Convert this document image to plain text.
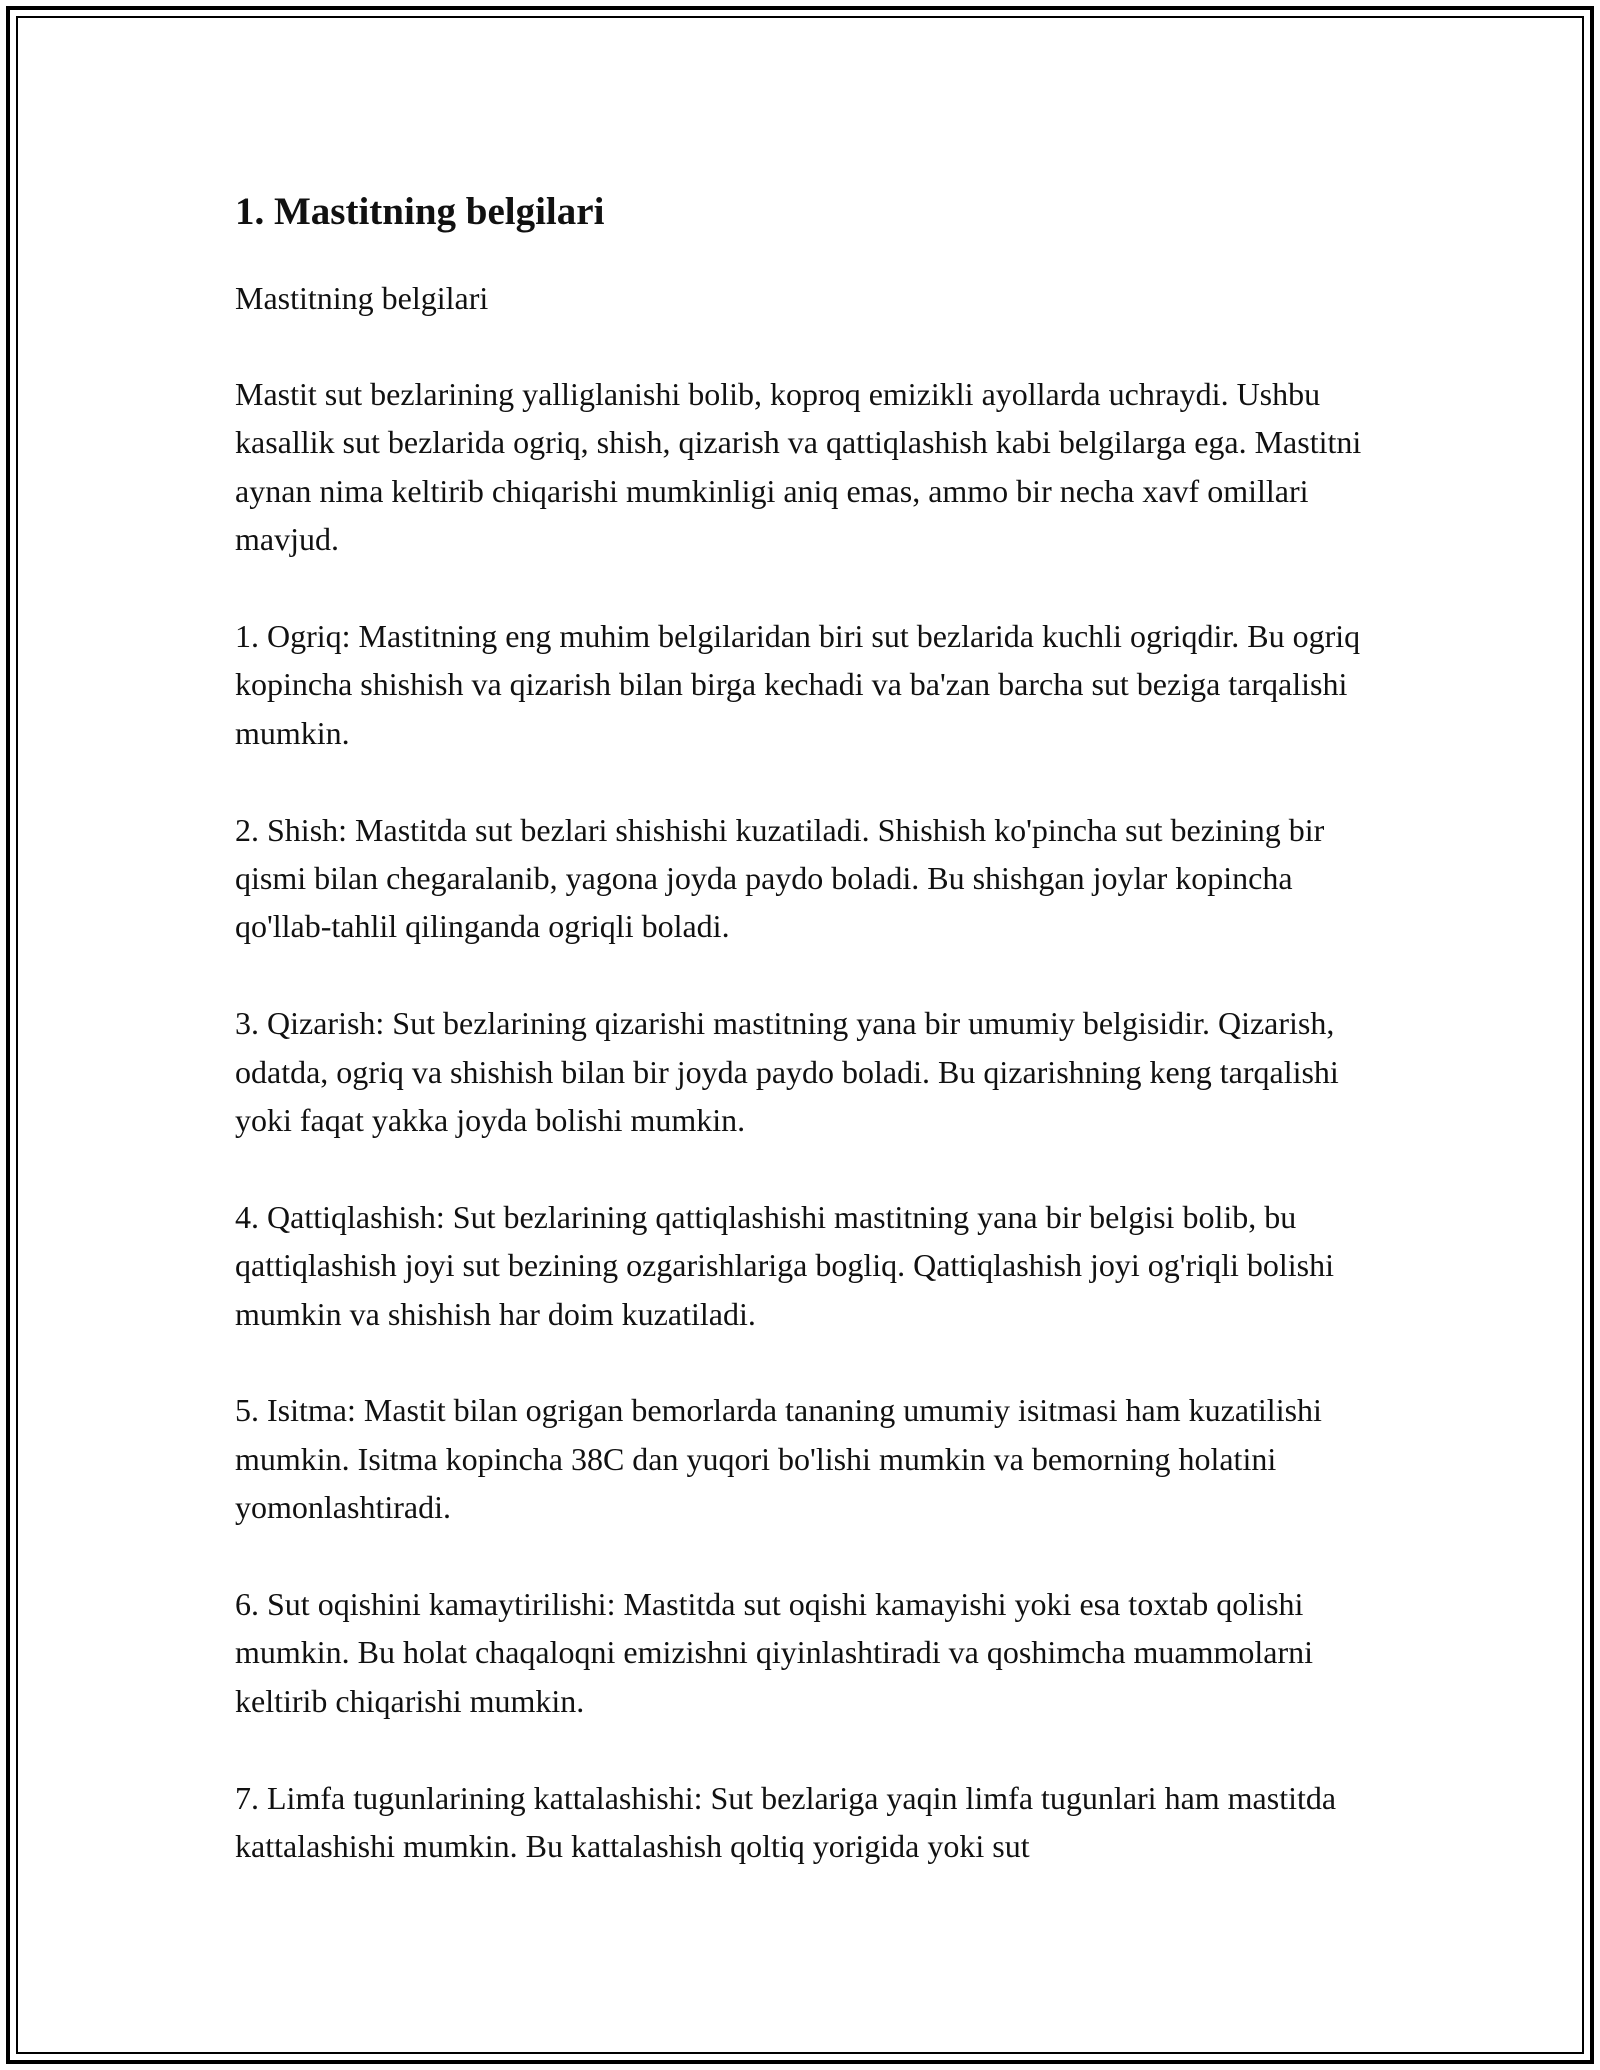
1. Mastitning belgilari
Mastitning belgilari

Mastit sut bezlarining yalliglanishi bolib, koproq emizikli ayollarda uchraydi. Ushbu kasallik sut bezlarida ogriq, shish, qizarish va qattiqlashish kabi belgilarga ega. Mastitni aynan nima keltirib chiqarishi mumkinligi aniq emas, ammo bir necha xavf omillari mavjud.

1. Ogriq: Mastitning eng muhim belgilaridan biri sut bezlarida kuchli ogriqdir. Bu ogriq kopincha shishish va qizarish bilan birga kechadi va ba'zan barcha sut beziga tarqalishi mumkin.

2. Shish: Mastitda sut bezlari shishishi kuzatiladi. Shishish ko'pincha sut bezining bir qismi bilan chegaralanib, yagona joyda paydo boladi. Bu shishgan joylar kopincha qo'llab-tahlil qilinganda ogriqli boladi.

3. Qizarish: Sut bezlarining qizarishi mastitning yana bir umumiy belgisidir. Qizarish, odatda, ogriq va shishish bilan bir joyda paydo boladi. Bu qizarishning keng tarqalishi yoki faqat yakka joyda bolishi mumkin.

4. Qattiqlashish: Sut bezlarining qattiqlashishi mastitning yana bir belgisi bolib, bu qattiqlashish joyi sut bezining ozgarishlariga bogliq. Qattiqlashish joyi og'riqli bolishi mumkin va shishish har doim kuzatiladi.

5. Isitma: Mastit bilan ogrigan bemorlarda tananing umumiy isitmasi ham kuzatilishi mumkin. Isitma kopincha 38C dan yuqori bo'lishi mumkin va bemorning holatini yomonlashtiradi.

6. Sut oqishini kamaytirilishi: Mastitda sut oqishi kamayishi yoki esa toxtab qolishi mumkin. Bu holat chaqaloqni emizishni qiyinlashtiradi va qoshimcha muammolarni keltirib chiqarishi mumkin.

7. Limfa tugunlarining kattalashishi: Sut bezlariga yaqin limfa tugunlari ham mastitda kattalashishi mumkin. Bu kattalashish qoltiq yorigida yoki sut
